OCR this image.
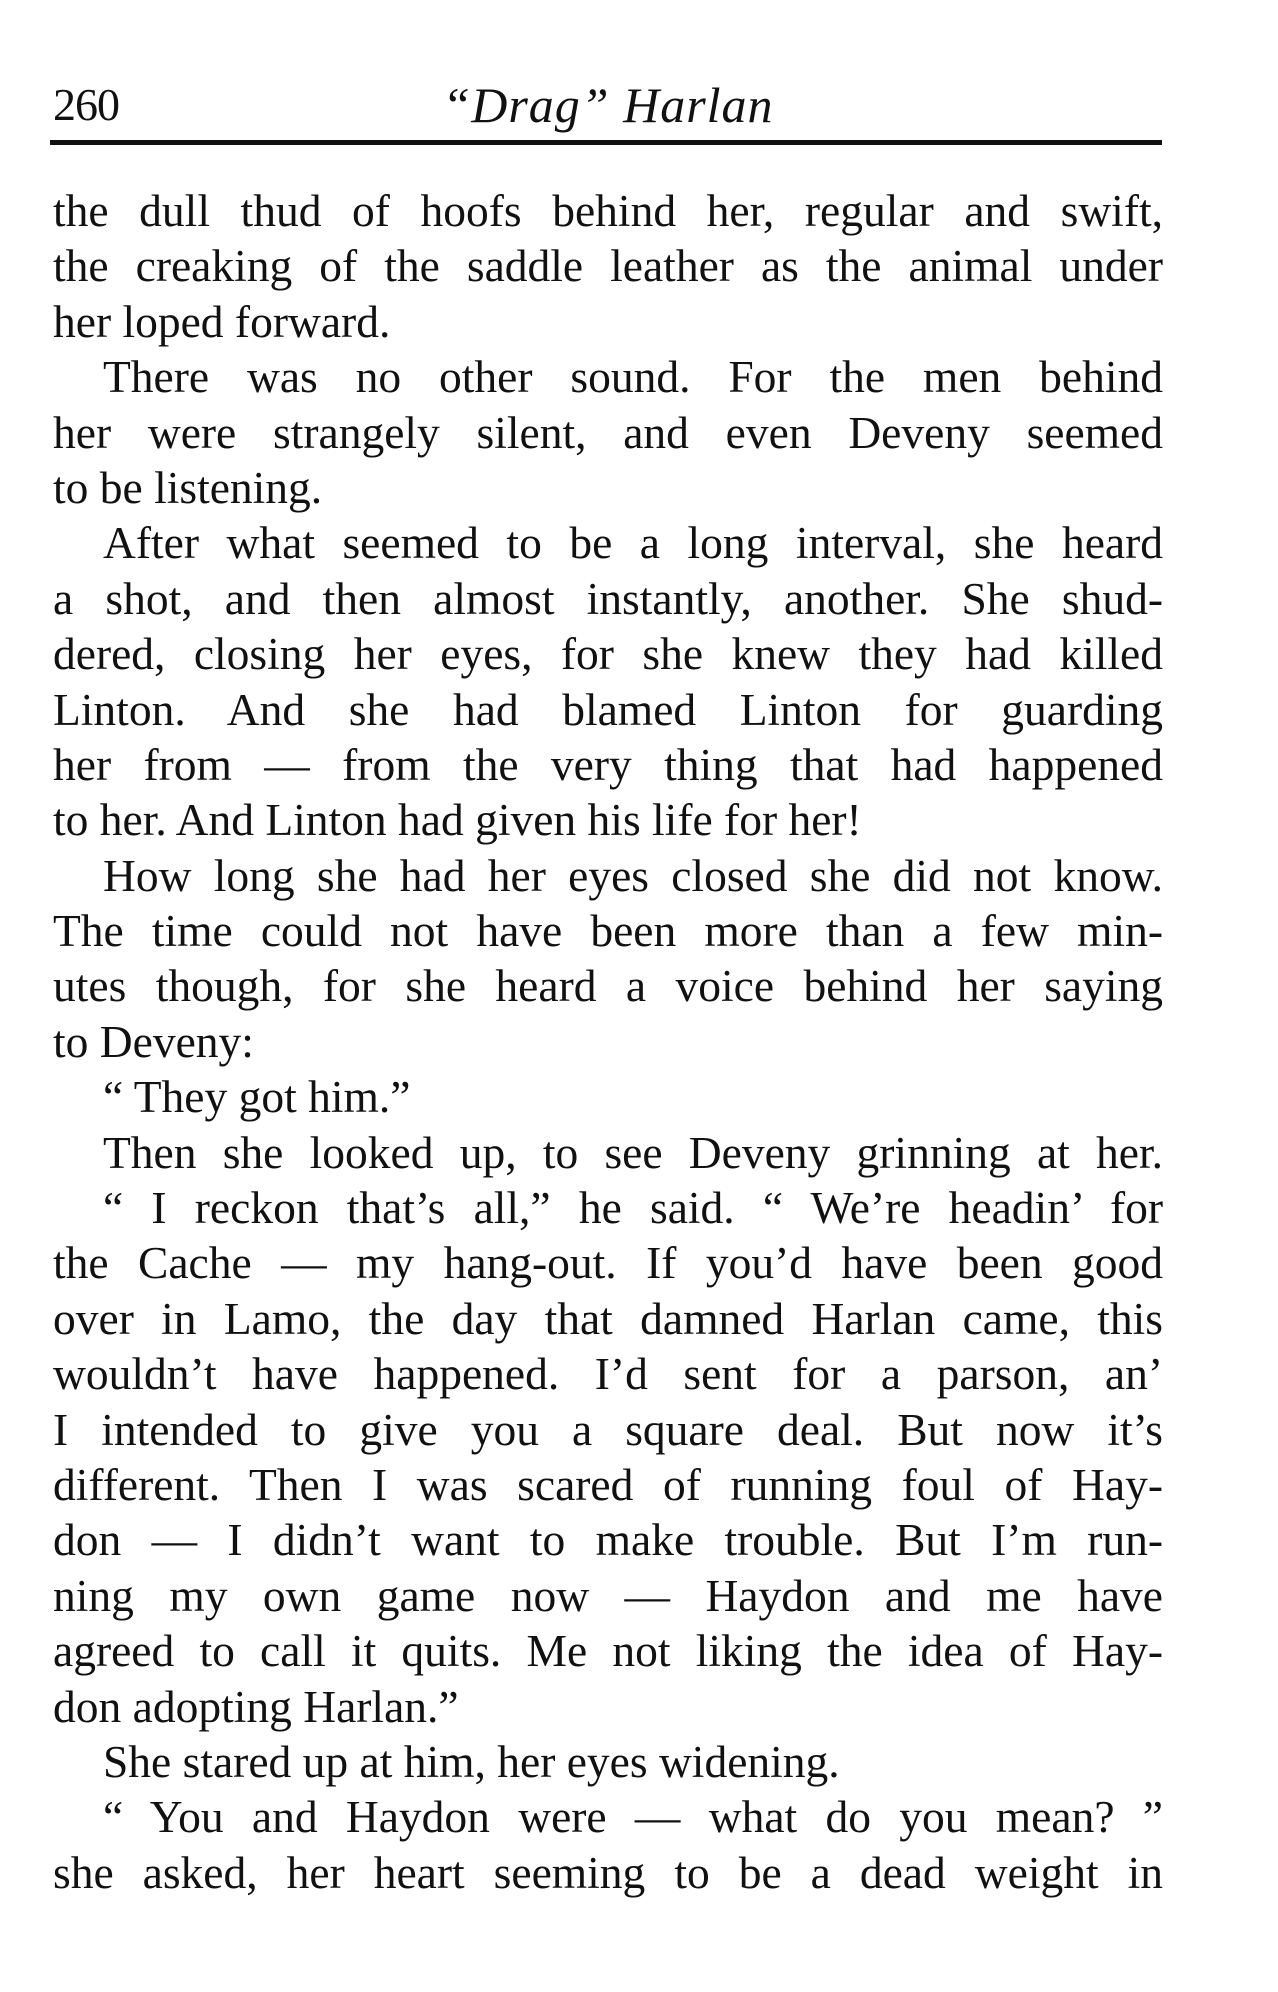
260	“Drag” Harlan
the dull thud of hoofs behind her, regular and swift,
the creaking of the saddle leather as the animal under
her loped forward.
There was no other sound. For the men behind
her were strangely silent, and even Deveny seemed
to be listening.
After what seemed to be a long interval, she heard
a shot, and then almost instantly, another. She shud-
dered, closing her eyes, for she knew they had killed
Linton. And she had blamed Linton for guarding
her from — from the very thing that had happened
to her. And Linton had given his life for her!
How long she had her eyes closed she did not know.
The time could not have been more than a few min-
utes though, for she heard a voice behind her saying
to Deveny:
“ They got him.”
Then she looked up, to see Deveny grinning at her.
“ I reckon that’s all,” he said. “ We’re headin’ for
the Cache — my hang-out. If you’d have been good
over in Lamo, the day that damned Harlan came, this
wouldn’t have happened. I’d sent for a parson, an’
I intended to give you a square deal. But now it’s
different. Then I was scared of running foul of Hay-
don — I didn’t want to make trouble. But I’m run-
ning my own game now — Haydon and me have
agreed to call it quits. Me not liking the idea of Hay-
don adopting Harlan.”
She stared up at him, her eyes widening.
“ You and Haydon were — what do you mean? ”
she asked, her heart seeming to be a dead weight in
